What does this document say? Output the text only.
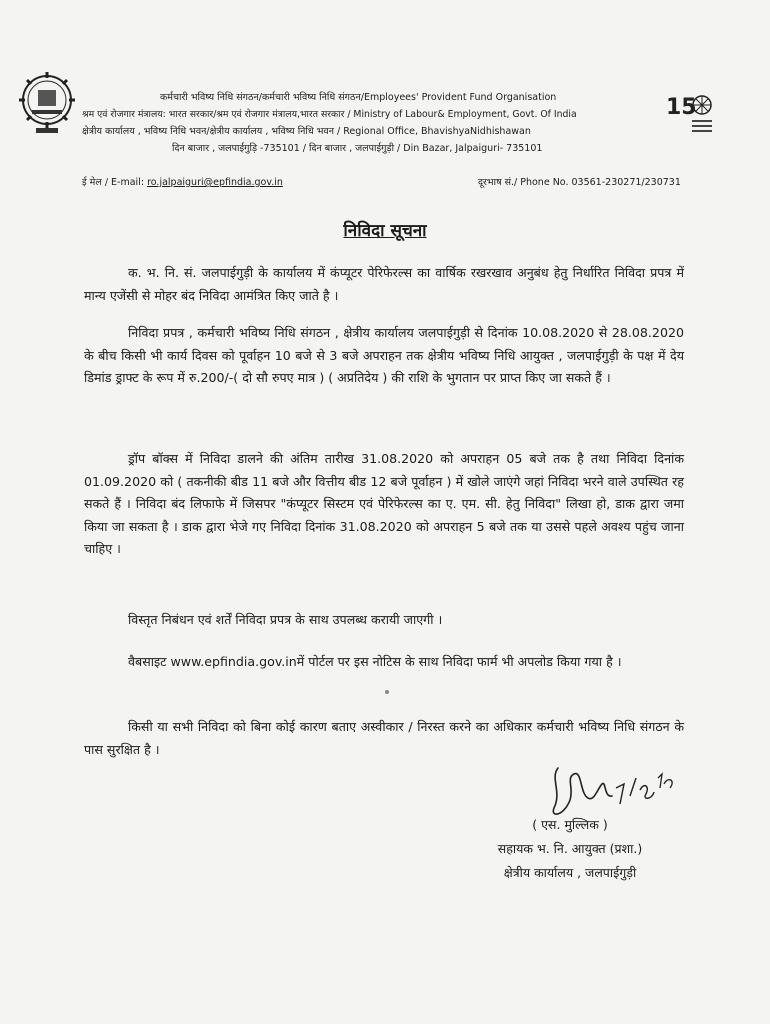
कर्मचारी भविष्य निधि संगठन/कर्मचारी भविष्य निधि संगठन/Employees' Provident Fund Organisation
श्रम एवं रोजगार मंत्रालय: भारत सरकार/श्रम एवं रोजगार मंत्रालय,भारत सरकार / Ministry of Labour& Employment, Govt. Of India
क्षेत्रीय कार्यालय , भविष्य निधि भवन/क्षेत्रीय कार्यालय , भविष्य निधि भवन / Regional Office, BhavishyaNidhishawan
दिन बाजार , जलपाईगुड़ि -735101 / दिन बाजार , जलपाईगुड़ी / Din Bazar, Jalpaiguri- 735101
15
ई मेल / E-mail: ro.jalpaiguri@epfindia.gov.in	दूरभाष सं./ Phone No. 03561-230271/230731
निविदा सूचना

क. भ. नि. सं. जलपाईगुड़ी के कार्यालय में कंप्यूटर पेरिफेरल्स का वार्षिक रखरखाव अनुबंध हेतु निर्धारित निविदा प्रपत्र में मान्य एजेंसी से मोहर बंद निविदा आमंत्रित किए जाते है ।

निविदा प्रपत्र , कर्मचारी भविष्य निधि संगठन , क्षेत्रीय कार्यालय जलपाईगुड़ी से दिनांक 10.08.2020 से 28.08.2020 के बीच किसी भी कार्य दिवस को पूर्वाहन 10 बजे से 3 बजे अपराहन तक क्षेत्रीय भविष्य निधि आयुक्त , जलपाईगुड़ी के पक्ष में देय डिमांड ड्राफ्ट के रूप में रु.200/-( दो सौ रुपए मात्र ) ( अप्रतिदेय ) की राशि के भुगतान पर प्राप्त किए जा सकते हैं ।

ड्रॉप बॉक्स में निविदा डालने की अंतिम तारीख 31.08.2020 को अपराहन 05 बजे तक है तथा निविदा दिनांक 01.09.2020 को ( तकनीकी बीड 11 बजे और वित्तीय बीड 12 बजे पूर्वाहन ) में खोले जाएंगे जहां निविदा भरने वाले उपस्थित रह सकते हैं । निविदा बंद लिफाफे में जिसपर "कंप्यूटर सिस्टम एवं पेरिफेरल्स का ए. एम. सी. हेतु निविदा" लिखा हो, डाक द्वारा जमा किया जा सकता है । डाक द्वारा भेजे गए निविदा दिनांक 31.08.2020 को अपराहन 5 बजे तक या उससे पहले अवश्य पहुंच जाना चाहिए ।

विस्तृत निबंधन एवं शर्तें निविदा प्रपत्र के साथ उपलब्ध करायी जाएगी ।

वैबसाइट www.epfindia.gov.inमें पोर्टल पर इस नोटिस के साथ निविदा फार्म भी अपलोड किया गया है ।

किसी या सभी निविदा को बिना कोई कारण बताए अस्वीकार / निरस्त करने का अधिकार कर्मचारी भविष्य निधि संगठन के पास सुरक्षित है ।

( एस. मुल्लिक )
सहायक भ. नि. आयुक्त (प्रशा.)
क्षेत्रीय कार्यालय , जलपाईगुड़ी
